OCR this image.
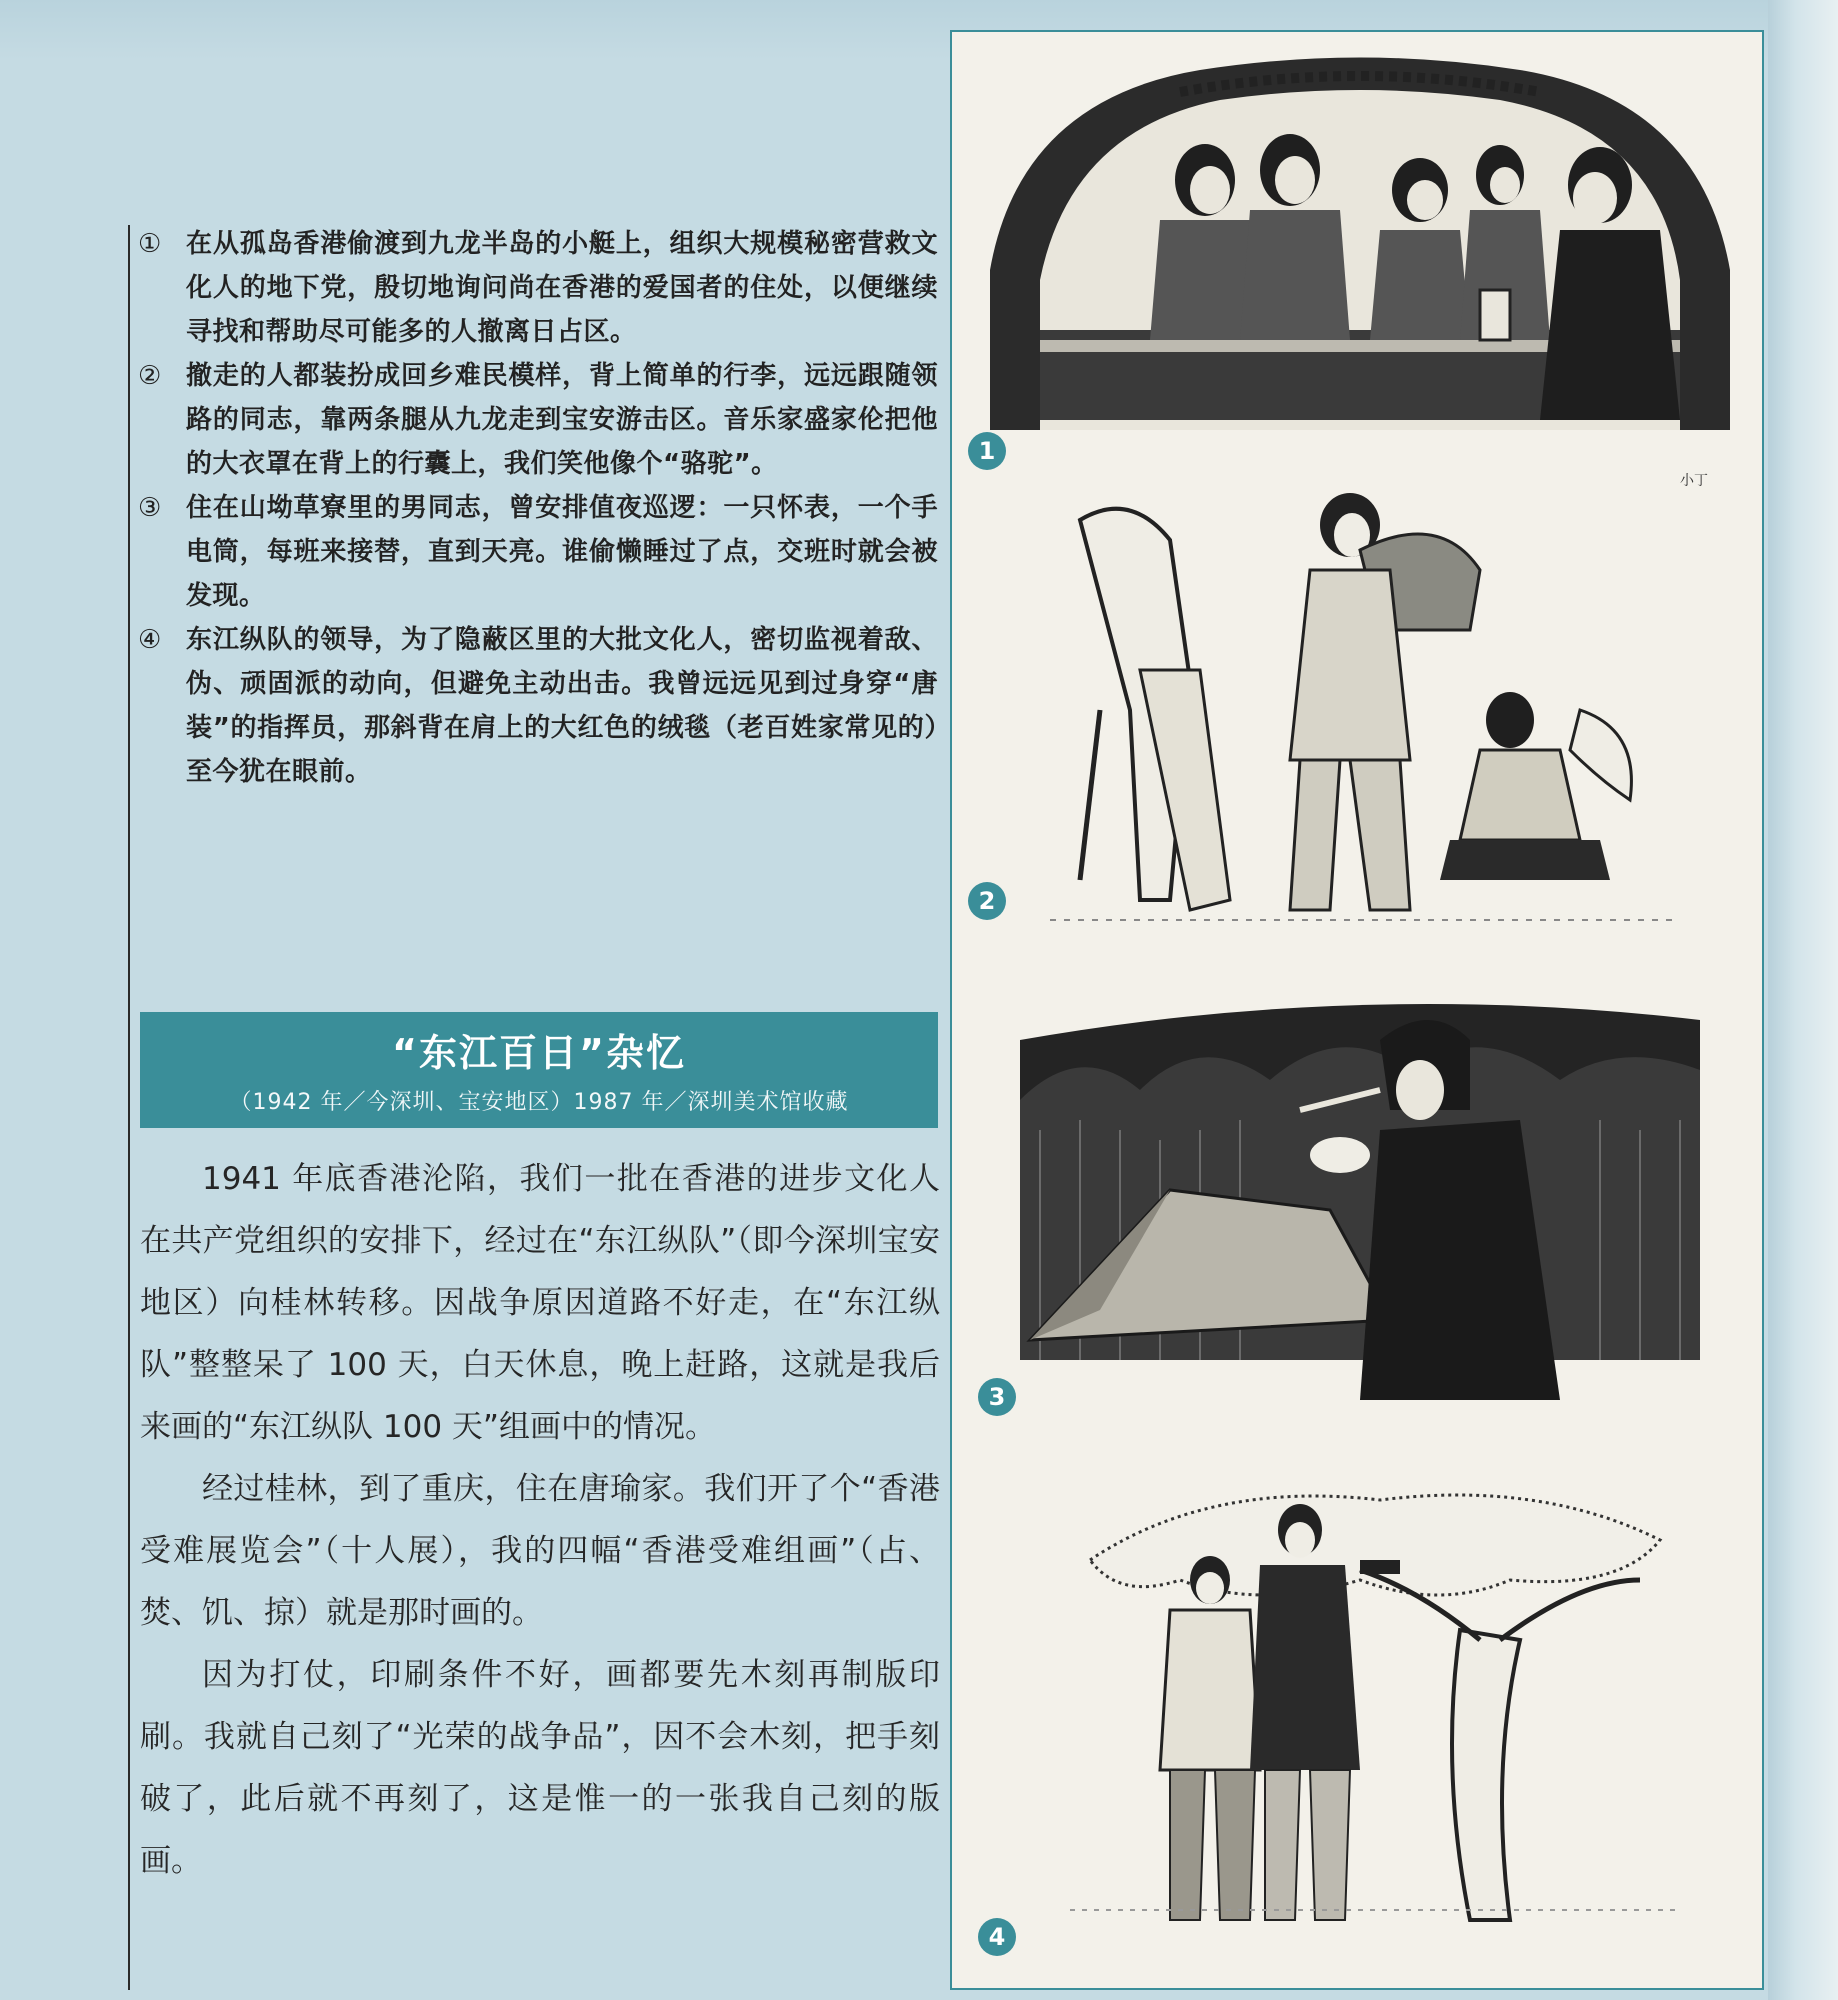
① 在从孤岛香港偷渡到九龙半岛的小艇上，组织大规模秘密营救文化人的地下党，殷切地询问尚在香港的爱国者的住处，以便继续寻找和帮助尽可能多的人撤离日占区。
② 撤走的人都装扮成回乡难民模样，背上简单的行李，远远跟随领路的同志，靠两条腿从九龙走到宝安游击区。音乐家盛家伦把他的大衣罩在背上的行囊上，我们笑他像个“骆驼”。
③ 住在山坳草寮里的男同志，曾安排值夜巡逻：一只怀表，一个手电筒，每班来接替，直到天亮。谁偷懒睡过了点，交班时就会被发现。
④ 东江纵队的领导，为了隐蔽区里的大批文化人，密切监视着敌、伪、顽固派的动向，但避免主动出击。我曾远远见到过身穿“唐装”的指挥员，那斜背在肩上的大红色的绒毯（老百姓家常见的）至今犹在眼前。
“东江百日”杂忆
（1942 年／今深圳、宝安地区）1987 年／深圳美术馆收藏

1941 年底香港沦陷，我们一批在香港的进步文化人在共产党组织的安排下，经过在“东江纵队”（即今深圳宝安地区）向桂林转移。因战争原因道路不好走，在“东江纵队”整整呆了 100 天，白天休息，晚上赶路，这就是我后来画的“东江纵队 100 天”组画中的情况。

经过桂林，到了重庆，住在唐瑜家。我们开了个“香港受难展览会”（十人展），我的四幅“香港受难组画”（占、焚、饥、掠）就是那时画的。

因为打仗，印刷条件不好，画都要先木刻再制版印刷。我就自己刻了“光荣的战争品”，因不会木刻，把手刻破了，此后就不再刻了，这是惟一的一张我自己刻的版画。

1
小丁
2
3
4
